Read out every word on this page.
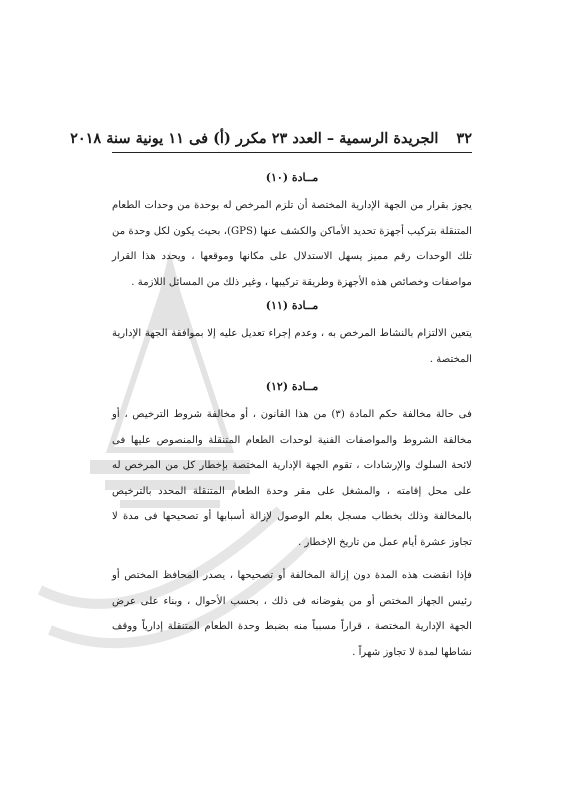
٣٢
الجريدة الرسمية – العدد ٢٣ مكرر (أ) فى ١١ يونية سنة ٢٠١٨
مــادة (١٠)

يجوز بقرار من الجهة الإدارية المختصة أن تلزم المرخص له بوحدة من وحدات الطعام المتنقلة بتركيب أجهزة تحديد الأماكن والكشف عنها (GPS)، بحيث يكون لكل وحدة من تلك الوحدات رقم مميز يسهل الاستدلال على مكانها وموقعها ، ويحدد هذا القرار مواصفات وخصائص هذه الأجهزة وطريقة تركيبها ، وغير ذلك من المسائل اللازمة .

مــادة (١١)

يتعين الالتزام بالنشاط المرخص به ، وعدم إجراء تعديل عليه إلا بموافقة الجهة الإدارية المختصة .

مــادة (١٢)

فى حالة مخالفة حكم المادة (٣) من هذا القانون ، أو مخالفة شروط الترخيص ، أو مخالفة الشروط والمواصفات الفنية لوحدات الطعام المتنقلة والمنصوص عليها فى لائحة السلوك والإرشادات ، تقوم الجهة الإدارية المختصة بإخطار كل من المرخص له على محل إقامته ، والمشغل على مقر وحدة الطعام المتنقلة المحدد بالترخيص بالمخالفة وذلك بخطاب مسجل بعلم الوصول لإزالة أسبابها أو تصحيحها فى مدة لا تجاوز عشرة أيام عمل من تاريخ الإخطار .

فإذا انقضت هذه المدة دون إزالة المخالفة أو تصحيحها ، يصدر المحافظ المختص أو رئيس الجهاز المختص أو من يفوضانه فى ذلك ، بحسب الأحوال ، وبناء على عرض الجهة الإدارية المختصة ، قراراً مسبباً منه بضبط وحدة الطعام المتنقلة إدارياً ووقف نشاطها لمدة لا تجاوز شهراً .
